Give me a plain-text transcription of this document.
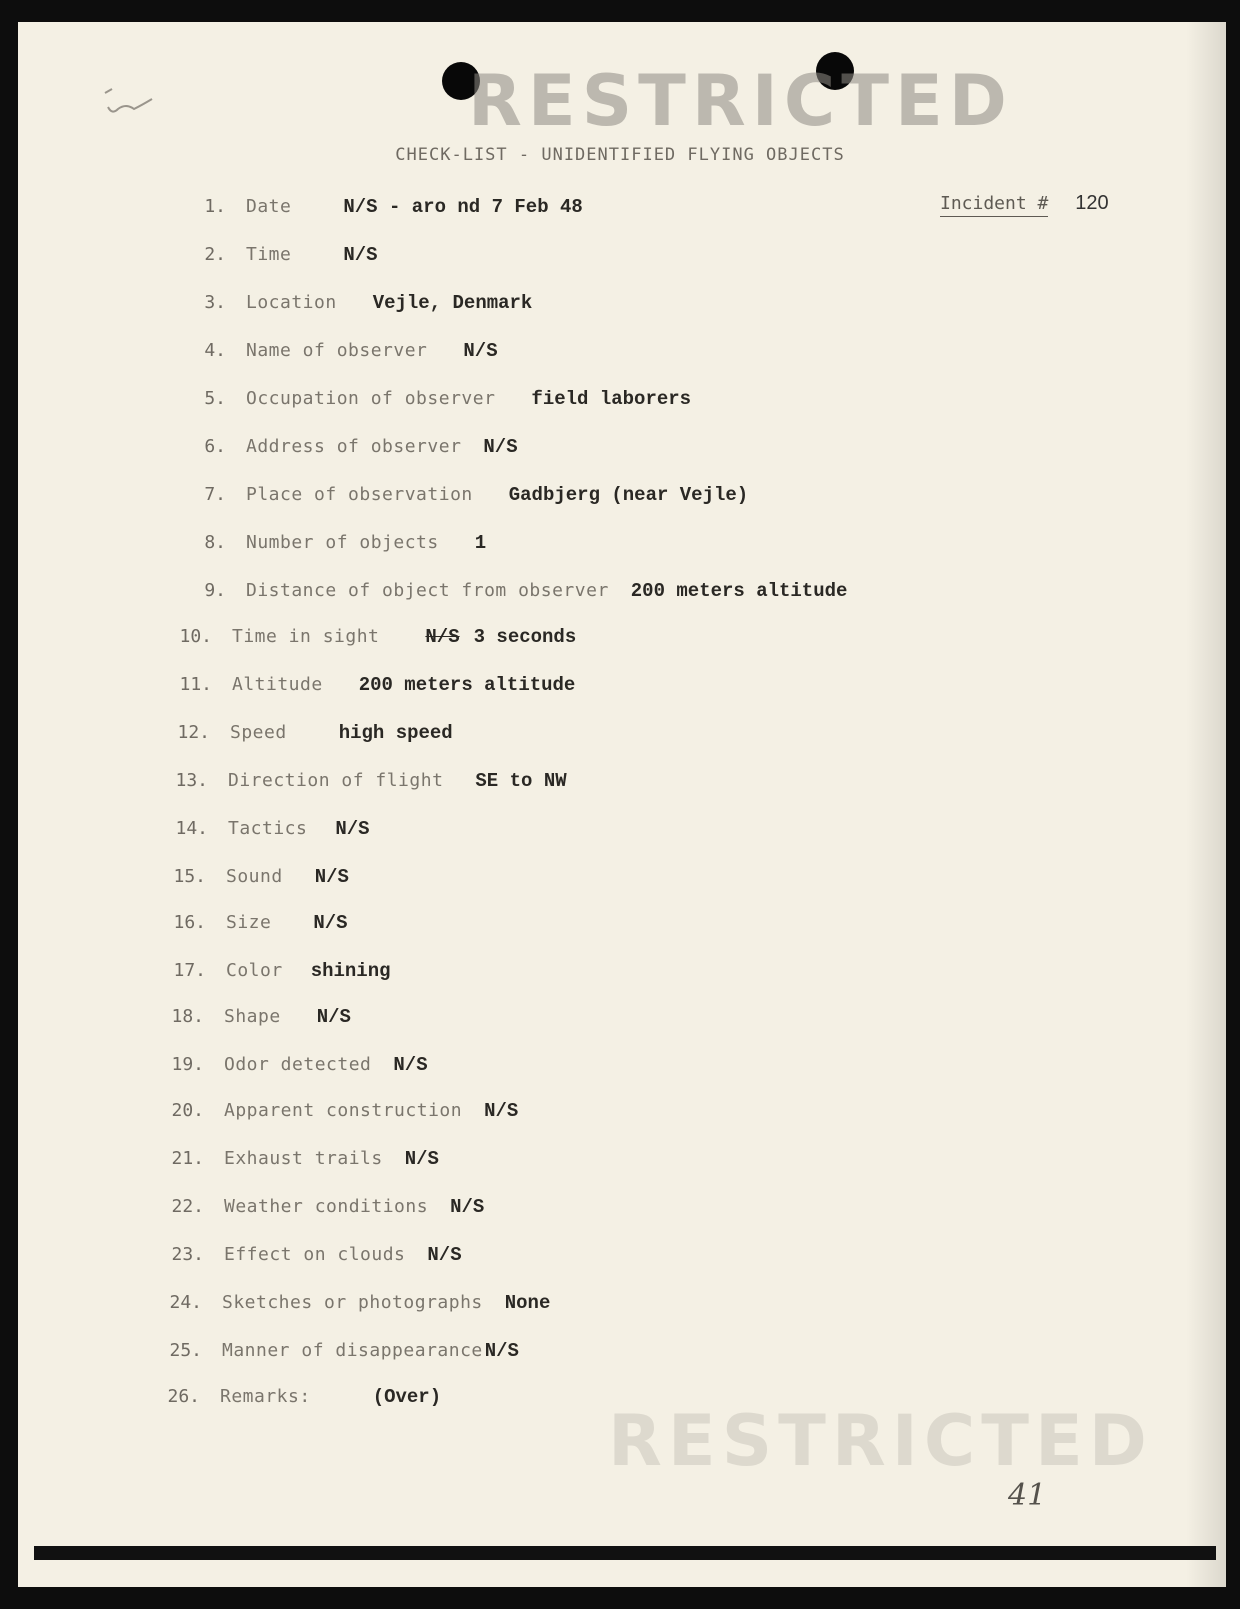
RESTRICTED
RESTRICTED
CHECK-LIST - UNIDENTIFIED FLYING OBJECTS
Incident # 120
1. Date	N/S - aro nd 7 Feb 48
2. Time	N/S
3. Location Vejle, Denmark
4. Name of observer N/S
5. Occupation of observer field laborers
6. Address of observer N/S
7. Place of observation Gadbjerg (near Vejle)
8. Number of objects 1
9. Distance of object from observer 200 meters altitude
10. Time in sight N/S 3 seconds
11. Altitude 200 meters altitude
12. Speed	high speed
13. Direction of flight SE to NW
14. Tactics N/S
15. Sound N/S
16. Size N/S
17. Color shining
18. Shape N/S
19. Odor detected N/S
20. Apparent construction N/S
21. Exhaust trails N/S
22. Weather conditions N/S
23. Effect on clouds N/S
24. Sketches or photographs None
25. Manner of disappearance N/S
26. Remarks:	(Over)
41
